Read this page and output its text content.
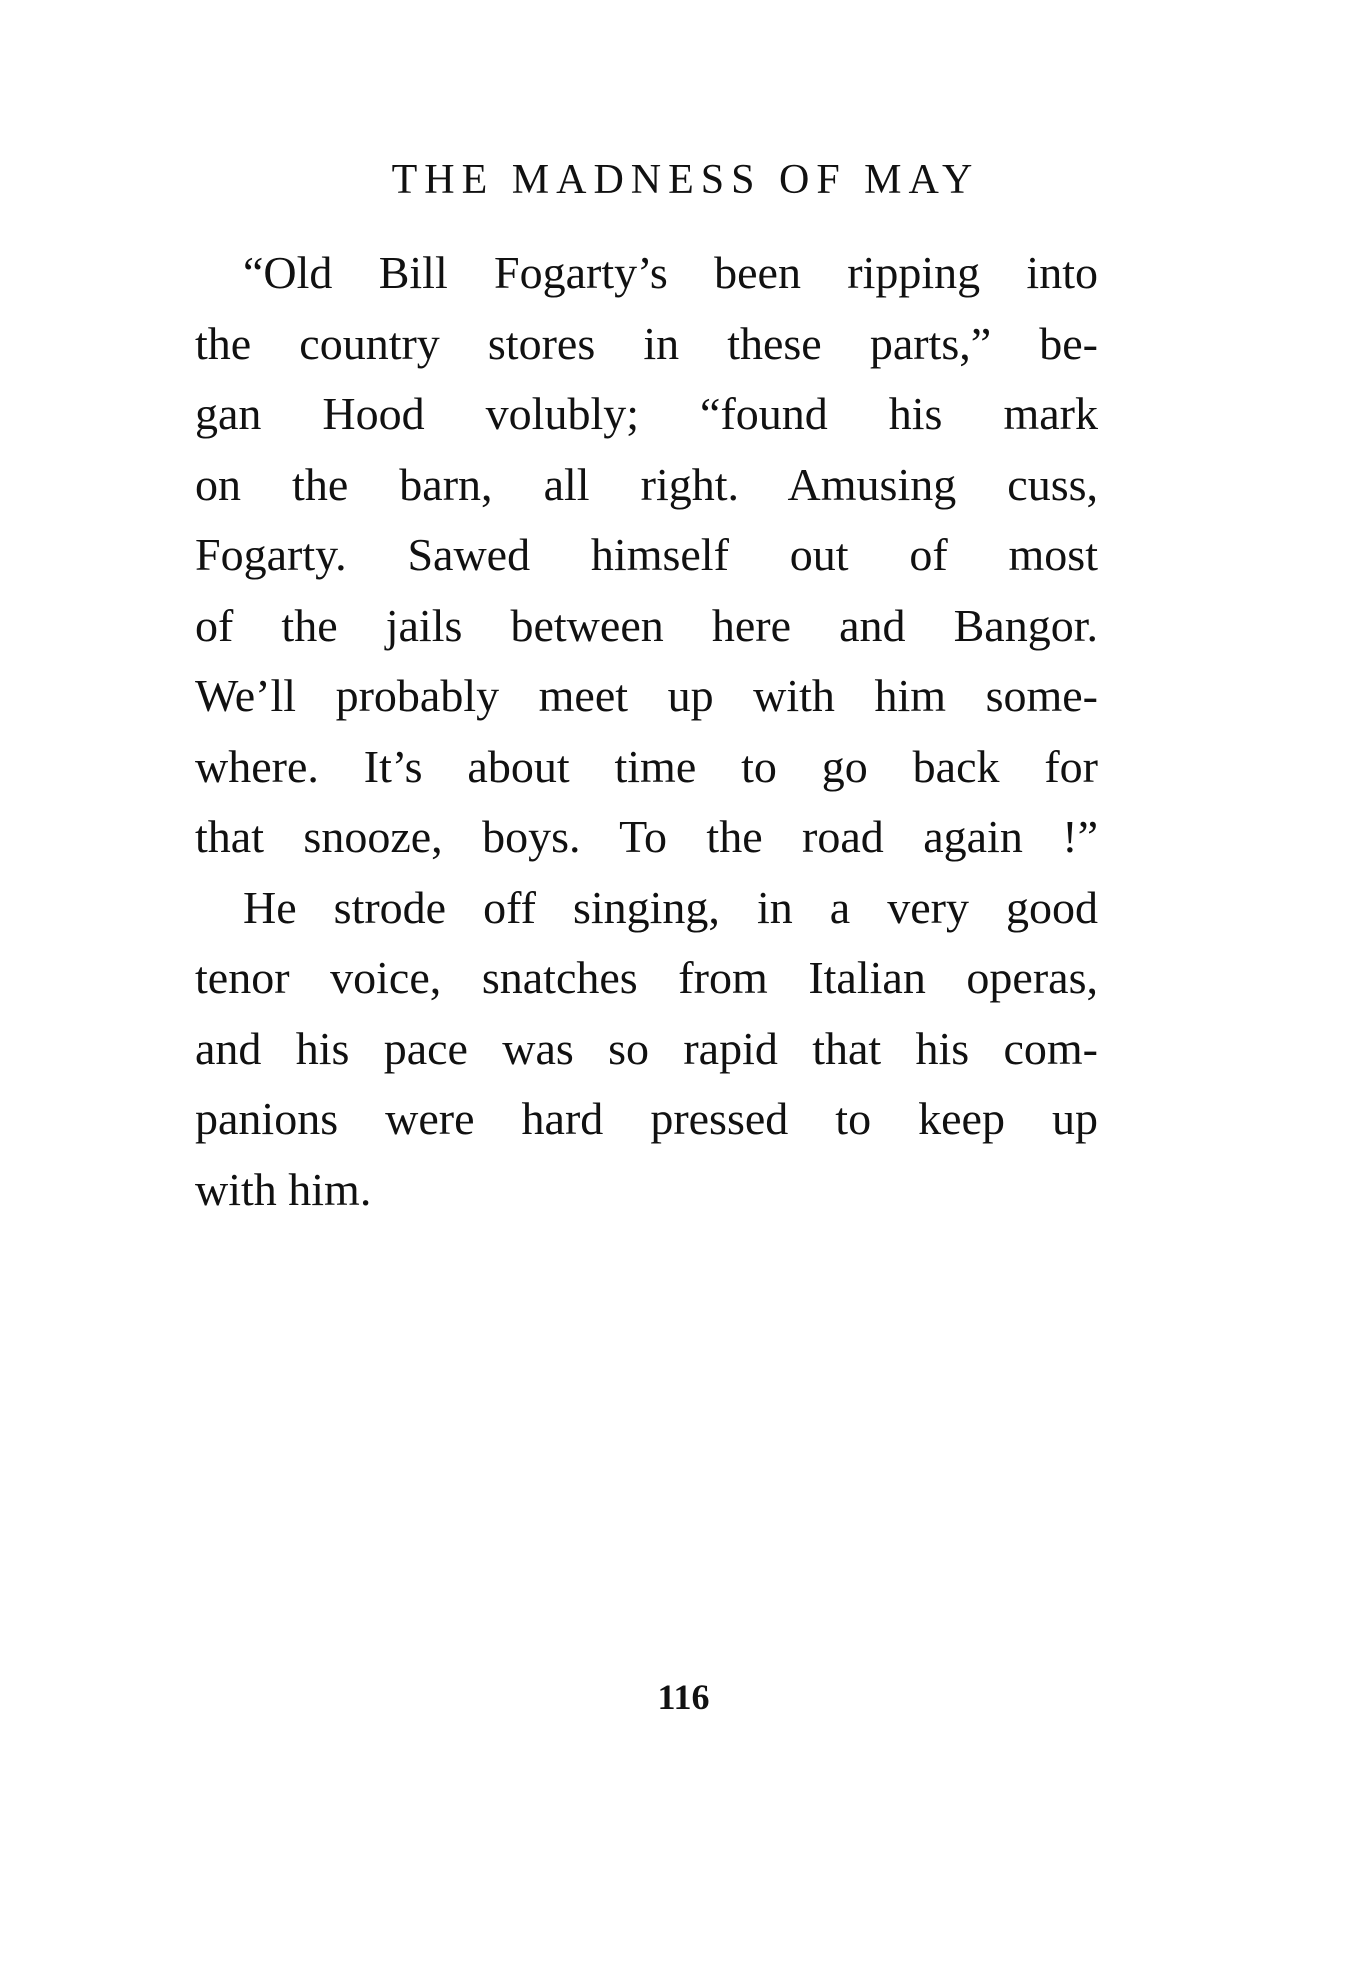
THE MADNESS OF MAY
“Old Bill Fogarty’s been ripping into
the country stores in these parts,” be-
gan Hood volubly; “found his mark
on the barn, all right. Amusing cuss,
Fogarty. Sawed himself out of most
of the jails between here and Bangor.
We’ll probably meet up with him some-
where. It’s about time to go back for
that snooze, boys. To the road again !”
He strode off singing, in a very good
tenor voice, snatches from Italian operas,
and his pace was so rapid that his com-
panions were hard pressed to keep up
with him.
116
